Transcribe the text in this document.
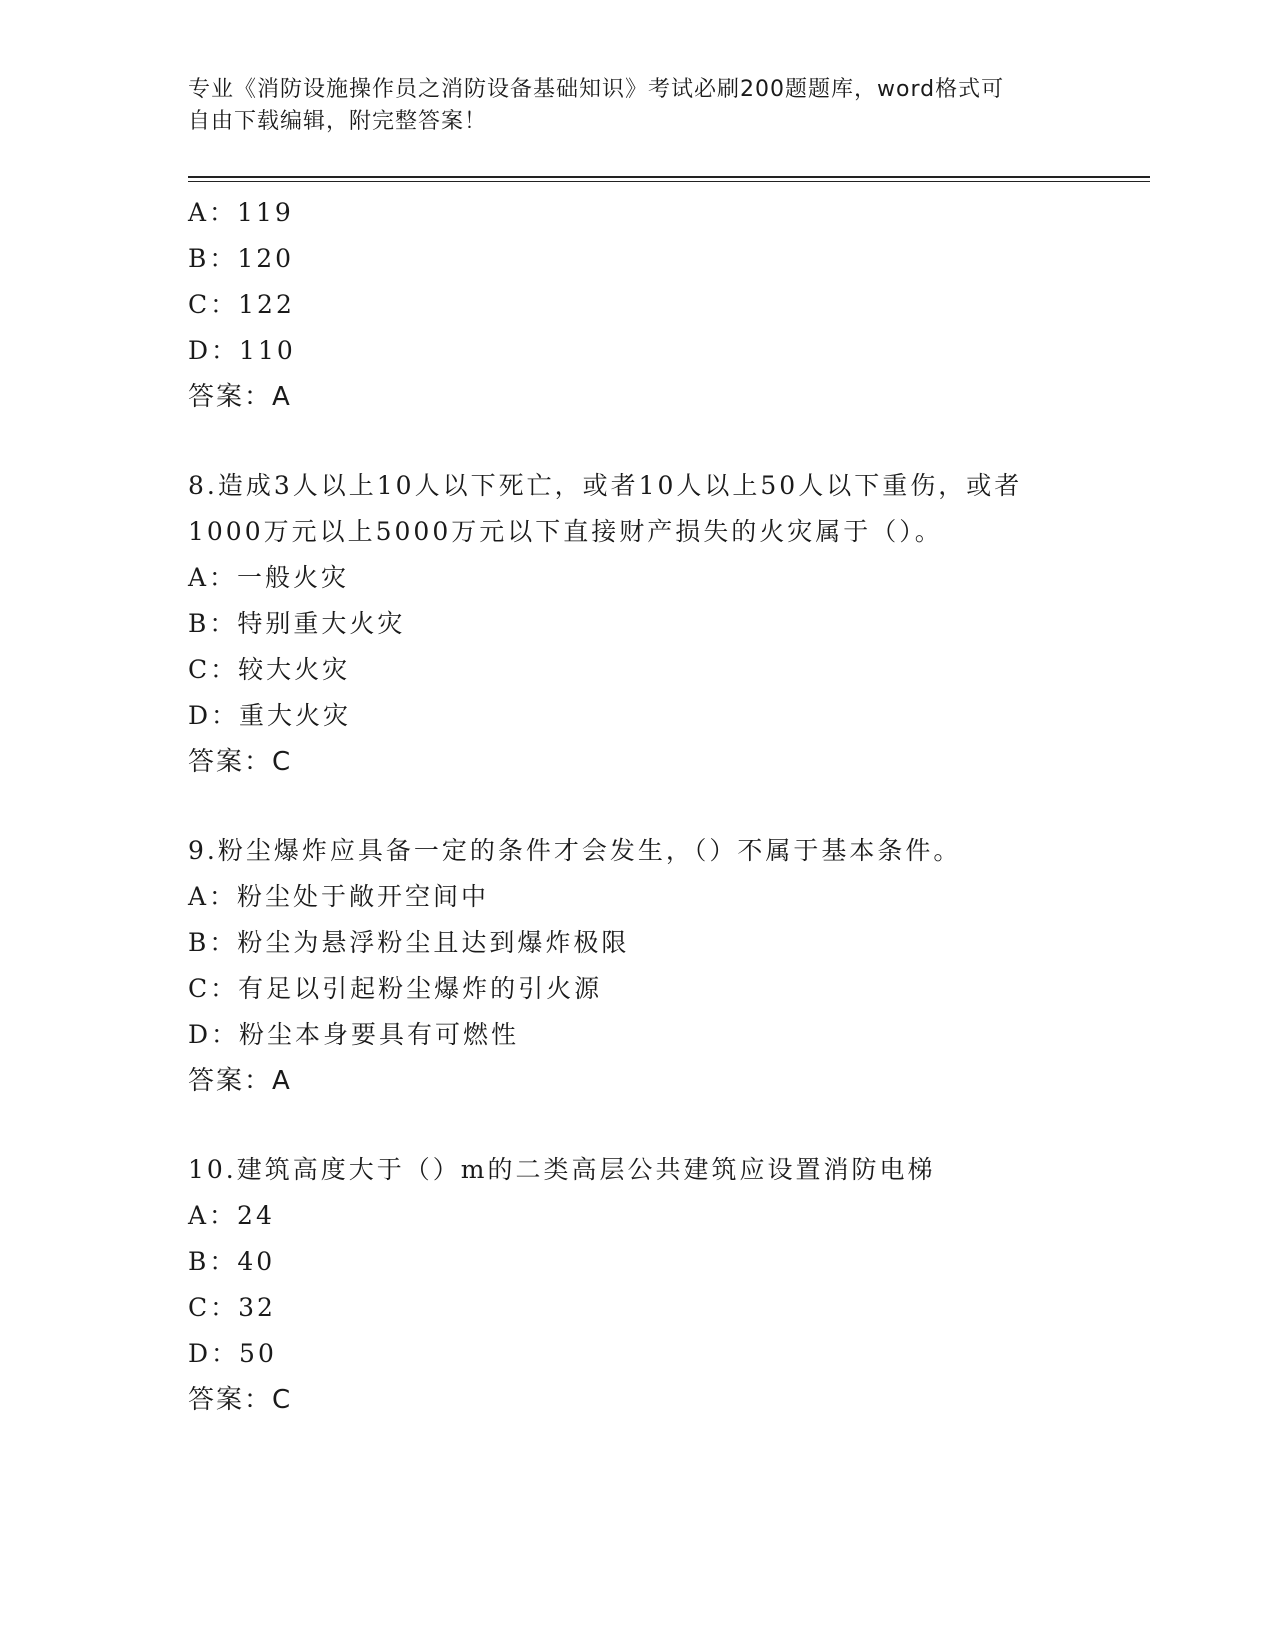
专业《消防设施操作员之消防设备基础知识》考试必刷200题题库，word格式可
自由下载编辑，附完整答案！
A：119
B：120
C：122
D：110
答案：A
8.造成3人以上10人以下死亡，或者10人以上50人以下重伤，或者
1000万元以上5000万元以下直接财产损失的火灾属于（）。
A：一般火灾
B：特别重大火灾
C：较大火灾
D：重大火灾
答案：C
9.粉尘爆炸应具备一定的条件才会发生，（）不属于基本条件。
A：粉尘处于敞开空间中
B：粉尘为悬浮粉尘且达到爆炸极限
C：有足以引起粉尘爆炸的引火源
D：粉尘本身要具有可燃性
答案：A
10.建筑高度大于（）m的二类高层公共建筑应设置消防电梯
A：24
B：40
C：32
D：50
答案：C
